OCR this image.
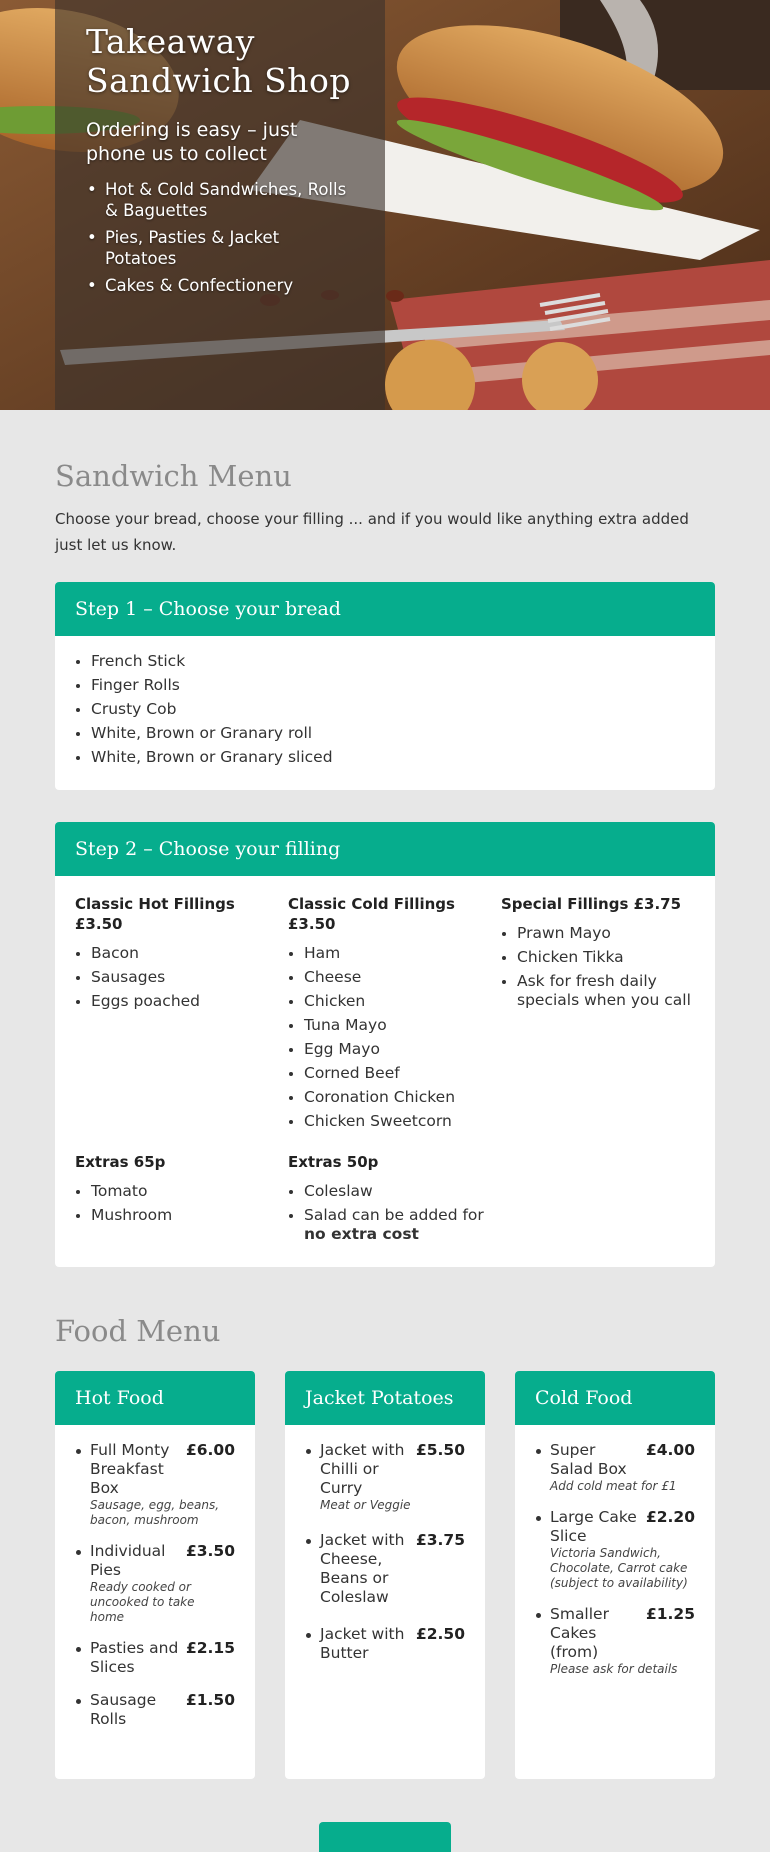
Takeaway
Sandwich Shop

Ordering is easy – just
phone us to collect

• Hot & Cold Sandwiches, Rolls & Baguettes
• Pies, Pasties & Jacket Potatoes
• Cakes & Confectionery
Sandwich Menu

Choose your bread, choose your filling ... and if you would like anything extra added just let us know.

Step 1 – Choose your bread
French Stick
Finger Rolls
Crusty Cob
White, Brown or Granary roll
White, Brown or Granary sliced
Step 2 – Choose your filling
Classic Hot Fillings £3.50
Bacon
Sausages
Eggs poached
Classic Cold Fillings £3.50
Ham
Cheese
Chicken
Tuna Mayo
Egg Mayo
Corned Beef
Coronation Chicken
Chicken Sweetcorn
Special Fillings £3.75
Prawn Mayo
Chicken Tikka
Ask for fresh daily specials when you call
Extras 65p
Tomato
Mushroom
Extras 50p
Coleslaw
Salad can be added for no extra cost
Food Menu
Hot Food
Full Monty Breakfast Box
£6.00
Sausage, egg, beans, bacon, mushroom
Individual Pies
£3.50
Ready cooked or uncooked to take home
Pasties and Slices
£2.15
Sausage Rolls
£1.50
Jacket Potatoes
Jacket with Chilli or Curry
£5.50
Meat or Veggie
Jacket with Cheese, Beans or Coleslaw
£3.75
Jacket with Butter
£2.50
Cold Food
Super Salad Box
£4.00
Add cold meat for £1
Large Cake Slice
£2.20
Victoria Sandwich, Chocolate, Carrot cake (subject to availability)
Smaller Cakes (from)
£1.25
Please ask for details
